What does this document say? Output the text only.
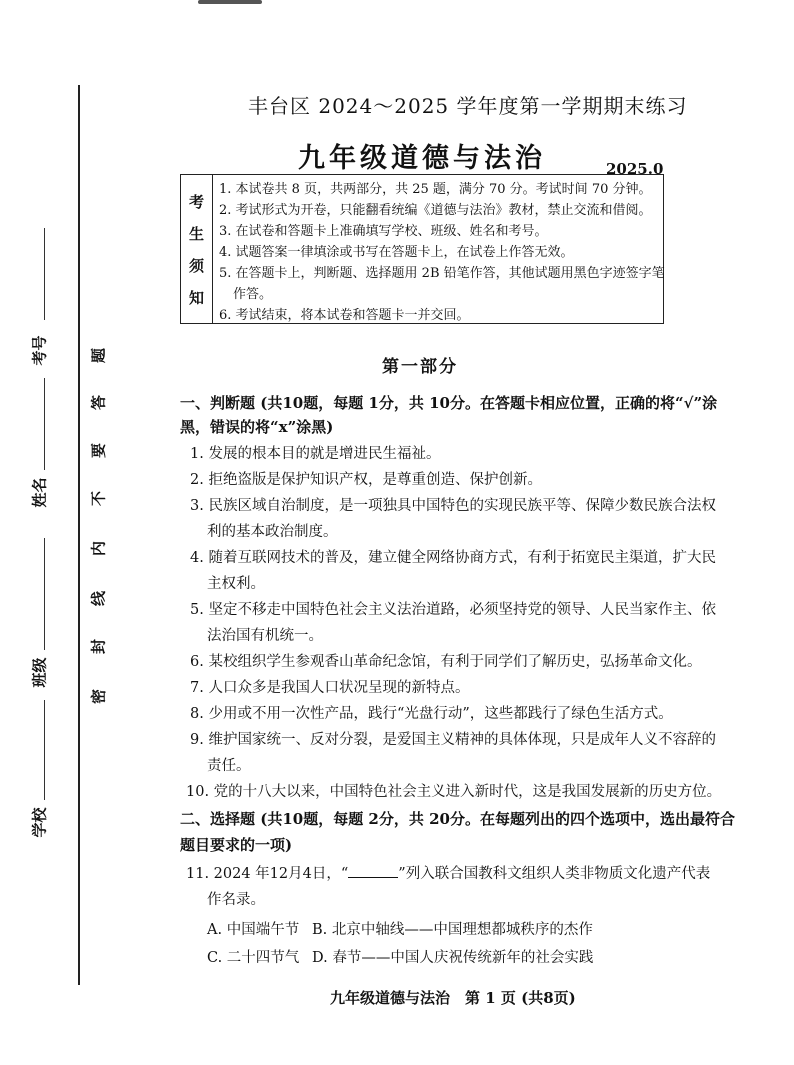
考号
姓名
班级
学校
题
答
要
不
内
线
封
密
丰台区 2024～2025 学年度第一学期期末练习
九年级道德与法治	2025.0
考
生
须
知
1. 本试卷共 8 页，共两部分，共 25 题，满分 70 分。考试时间 70 分钟。
2. 考试形式为开卷，只能翻看统编《道德与法治》教材，禁止交流和借阅。
3. 在试卷和答题卡上准确填写学校、班级、姓名和考号。
4. 试题答案一律填涂或书写在答题卡上，在试卷上作答无效。
5. 在答题卡上，判断题、选择题用 2B 铅笔作答，其他试题用黑色字迹签字笔
作答。
6. 考试结束，将本试卷和答题卡一并交回。
第一部分
一、判断题 (共10题，每题 1分，共 10分。在答题卡相应位置，正确的将“√”涂
黑，错误的将“x”涂黑)
1. 发展的根本目的就是增进民生福祉。
2. 拒绝盗版是保护知识产权，是尊重创造、保护创新。
3. 民族区域自治制度，是一项独具中国特色的实现民族平等、保障少数民族合法权
利的基本政治制度。
4. 随着互联网技术的普及，建立健全网络协商方式，有利于拓宽民主渠道，扩大民
主权利。
5. 坚定不移走中国特色社会主义法治道路，必须坚持党的领导、人民当家作主、依
法治国有机统一。
6. 某校组织学生参观香山革命纪念馆，有利于同学们了解历史，弘扬革命文化。
7. 人口众多是我国人口状况呈现的新特点。
8. 少用或不用一次性产品，践行“光盘行动”，这些都践行了绿色生活方式。
9. 维护国家统一、反对分裂，是爱国主义精神的具体体现，只是成年人义不容辞的
责任。
10. 党的十八大以来，中国特色社会主义进入新时代，这是我国发展新的历史方位。
二、选择题 (共10题，每题 2分，共 20分。在每题列出的四个选项中，选出最符合
题目要求的一项)
11. 2024 年12月4日，“	”列入联合国教科文组织人类非物质文化遗产代表
作名录。
A. 中国端午节 B. 北京中轴线——中国理想都城秩序的杰作
C. 二十四节气 D. 春节——中国人庆祝传统新年的社会实践
九年级道德与法治　第 1 页 (共8页)
